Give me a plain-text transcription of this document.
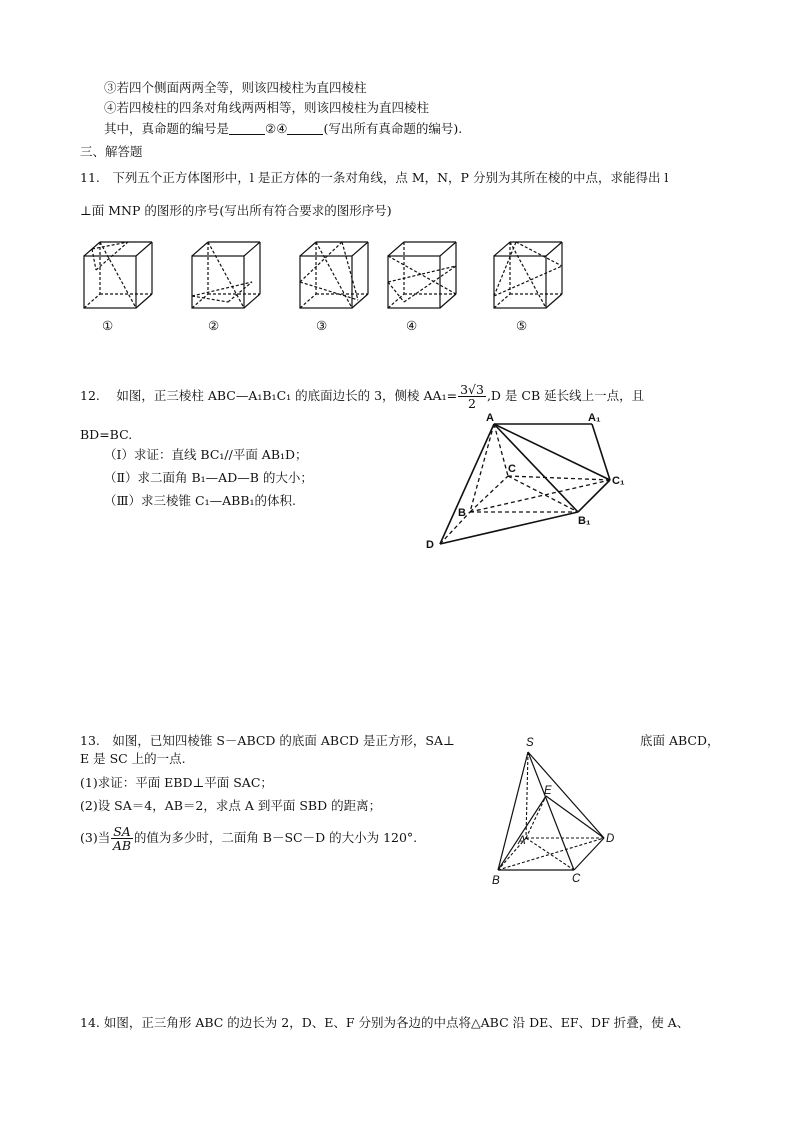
③若四个侧面两两全等，则该四棱柱为直四棱柱
④若四棱柱的四条对角线两两相等，则该四棱柱为直四棱柱
其中，真命题的编号是	②④	(写出所有真命题的编号).
三、解答题
11.　下列五个正方体图形中，l 是正方体的一条对角线，点 M，N，P 分别为其所在棱的中点，求能得出 l
⊥面 MNP 的图形的序号(写出所有符合要求的图形序号)
①	②	③	④	⑤
12.　 如图，正三棱柱 ABC—A₁B₁C₁ 的底面边长的 3，侧棱 $AA_1= \frac{3√3}{2} ,D$ 是 CB 延长线上一点，且
BD=BC.
（Ⅰ）求证：直线 BC₁//平面 AB₁D；
（Ⅱ）求二面角 B₁—AD—B 的大小；
（Ⅲ）求三棱锥 C₁—ABB₁的体积.
A	A₁
C
C₁
B
B₁
D
13.　如图，已知四棱锥 S－ABCD 的底面 ABCD 是正方形，SA⊥	底面 ABCD，
E 是 SC 上的一点.
(1)求证：平面 EBD⊥平面 SAC；
(2)设 SA＝4，AB＝2，求点 A 到平面 SBD 的距离；
(3)当 $\frac{SA}{AB}$ 的值为多少时，二面角 B－SC－D 的大小为 120°.
S
E
A
B	C
D
14. 如图，正三角形 ABC 的边长为 2，D、E、F 分别为各边的中点将△ABC 沿 DE、EF、DF 折叠，使 A、
